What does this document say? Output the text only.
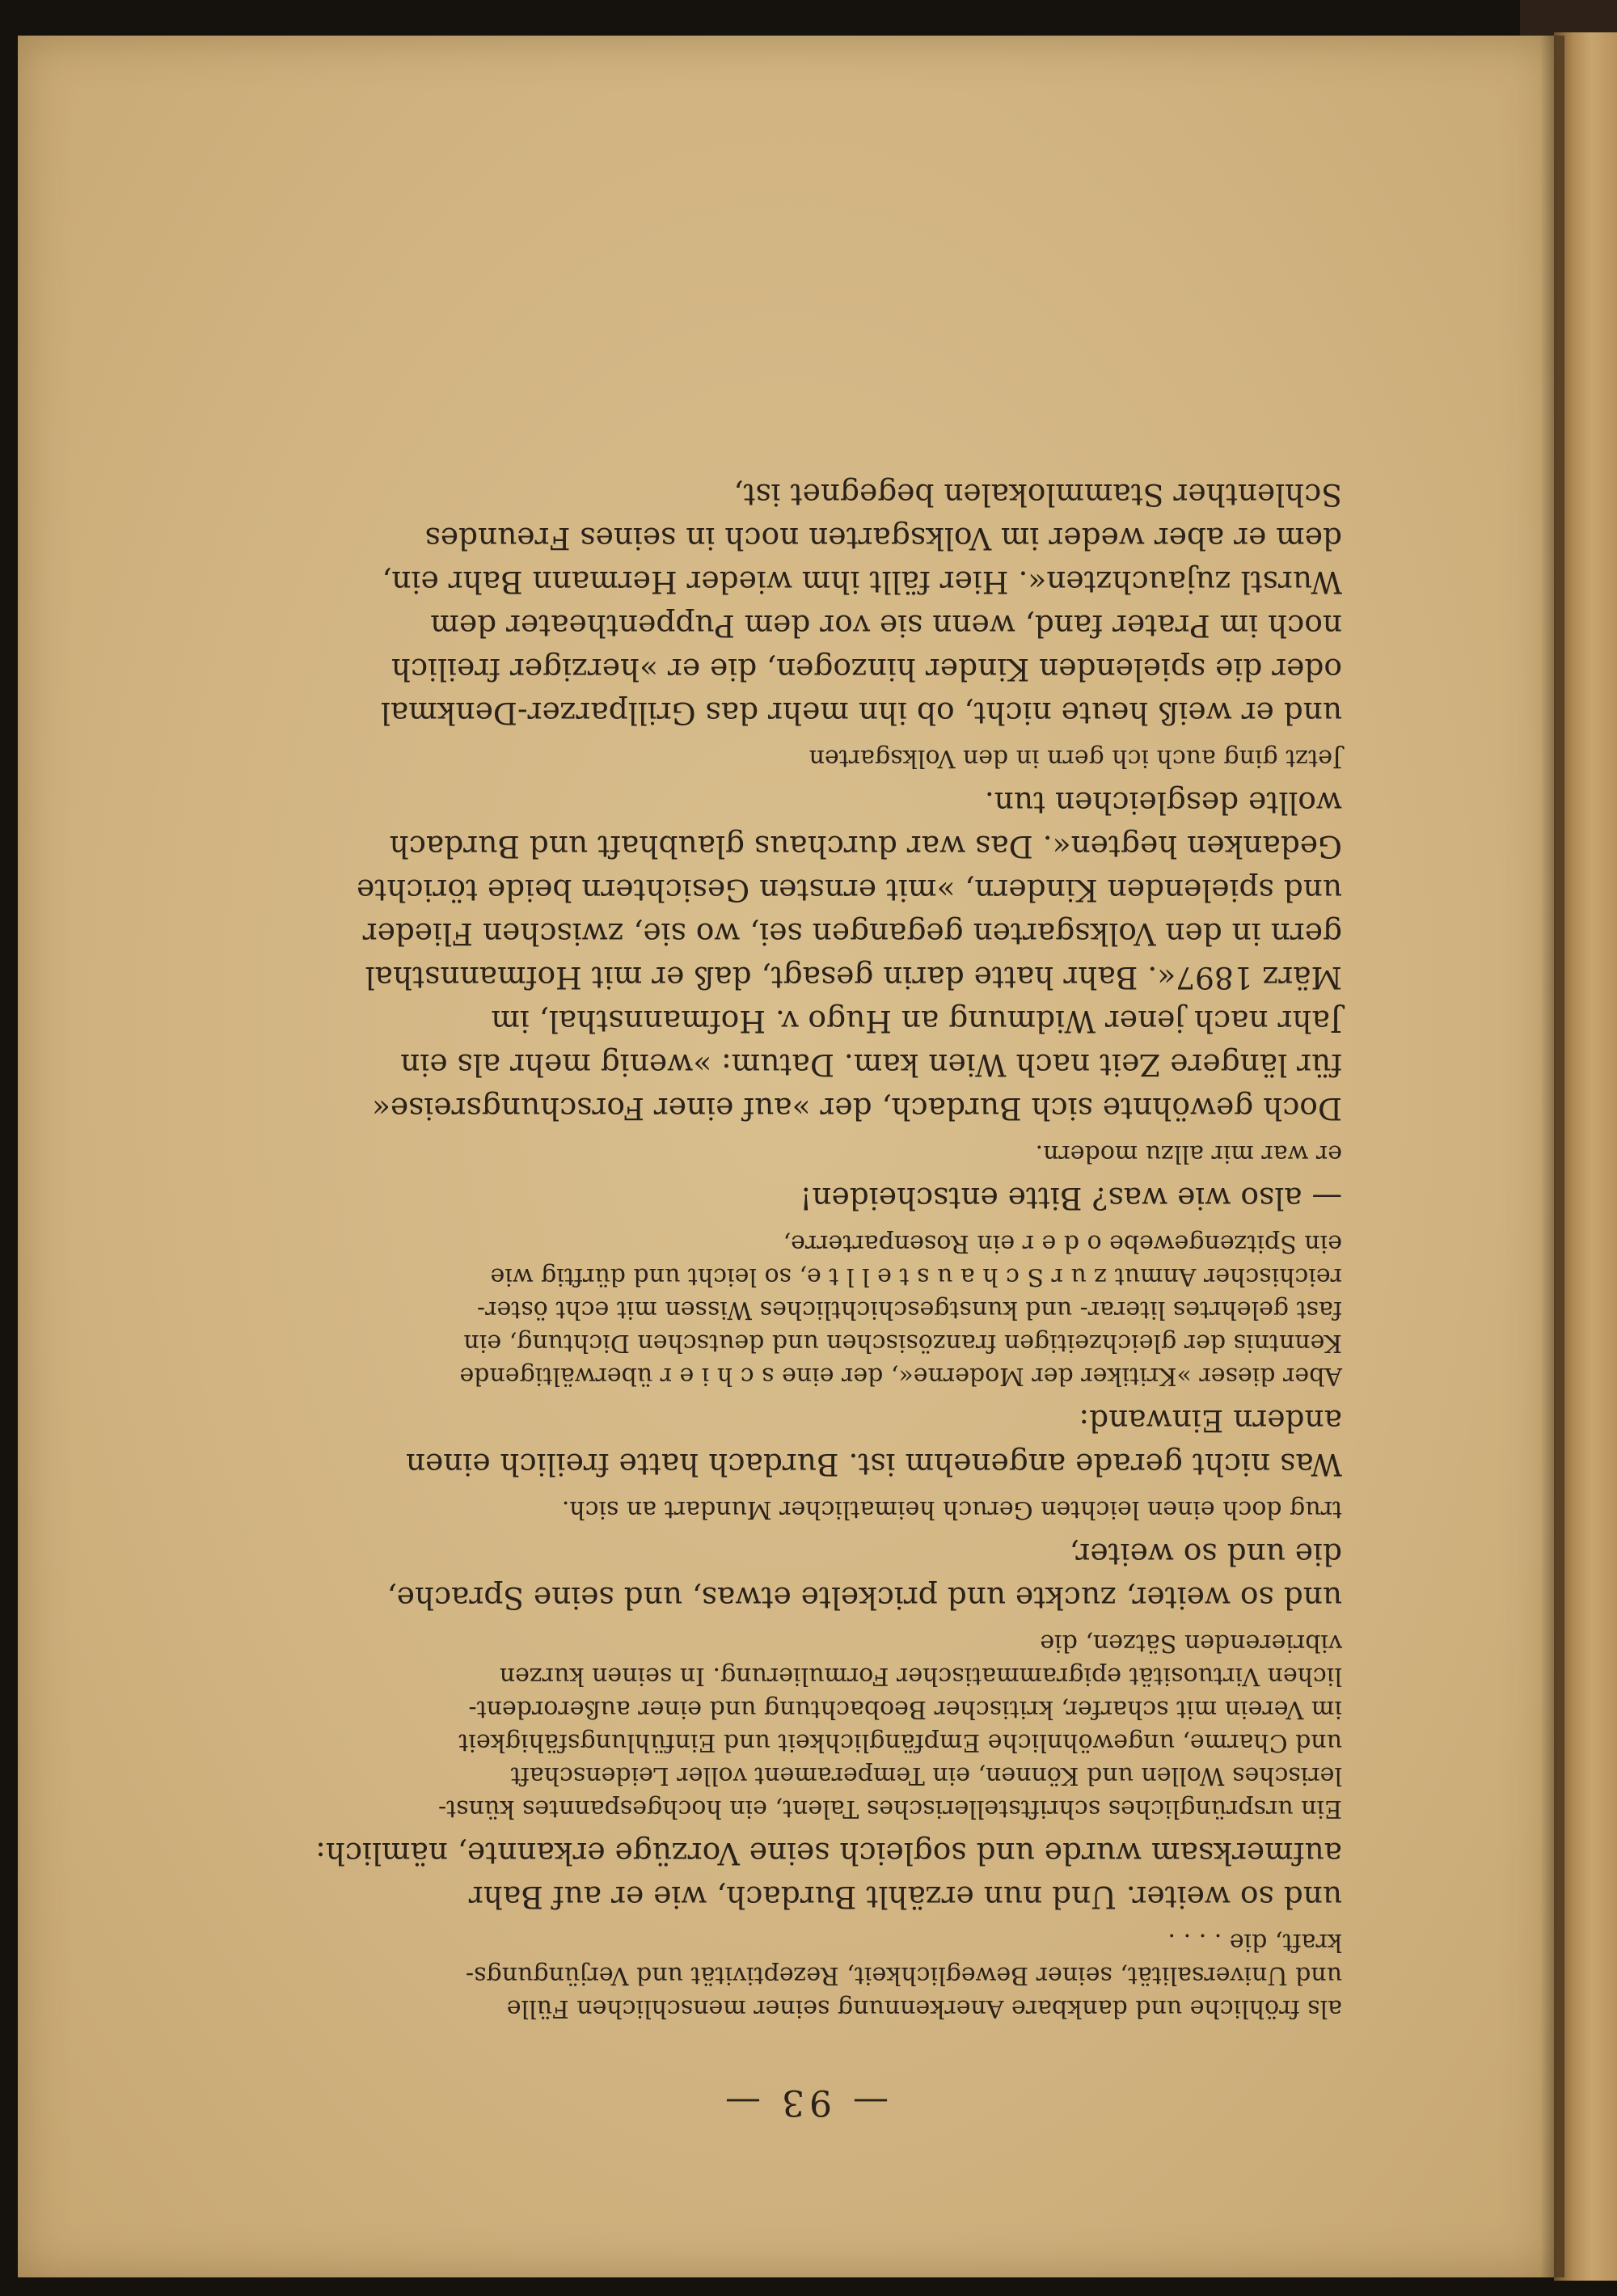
— 93 —
als fröhliche und dankbare Anerkennung seiner menschlichen Fülle
und Universalität, seiner Beweglichkeit, Rezeptivität und Verjüngungs-
kraft, die . . . .
und so weiter. Und nun erzählt Burdach, wie er auf Bahr
aufmerksam wurde und sogleich seine Vorzüge erkannte, nämlich:
Ein ursprüngliches schriftstellerisches Talent, ein hochgespanntes künst-
lerisches Wollen und Können, ein Temperament voller Leidenschaft
und Charme, ungewöhnliche Empfänglichkeit und Einfühlungsfähigkeit
im Verein mit scharfer, kritischer Beobachtung und einer außerordent-
lichen Virtuosität epigrammatischer Formulierung. In seinen kurzen
vibrierenden Sätzen, die
und so weiter, zuckte und prickelte etwas, und seine Sprache,
die und so weiter,
trug doch einen leichten Geruch heimatlicher Mundart an sich.
Was nicht gerade angenehm ist. Burdach hatte freilich einen
andern Einwand:
Aber dieser »Kritiker der Moderne«, der eine s c h i e r überwältigende
Kenntnis der gleichzeitigen französischen und deutschen Dichtung, ein
fast gelehrtes literar- und kunstgeschichtliches Wissen mit echt öster-
reichischer Anmut z u r S c h a u s t e l l t e, so leicht und dürftig wie
ein Spitzengewebe o d e r ein Rosenparterre,
— also wie was? Bitte entscheiden!
er war mir allzu modern.
Doch gewöhnte sich Burdach, der »auf einer Forschungsreise«
für längere Zeit nach Wien kam. Datum: »wenig mehr als ein
Jahr nach jener Widmung an Hugo v. Hofmannsthal, im
März 1897«. Bahr hatte darin gesagt, daß er mit Hofmannsthal
gern in den Volksgarten gegangen sei, wo sie, zwischen Flieder
und spielenden Kindern, »mit ernsten Gesichtern beide törichte
Gedanken hegten«. Das war durchaus glaubhaft und Burdach
wollte desgleichen tun.
Jetzt ging auch ich gern in den Volksgarten
und er weiß heute nicht, ob ihn mehr das Grillparzer-Denkmal
oder die spielenden Kinder hinzogen, die er »herziger freilich
noch im Prater fand, wenn sie vor dem Puppentheater dem
Wurstl zujauchzten«. Hier fällt ihm wieder Hermann Bahr ein,
dem er aber weder im Volksgarten noch in seines Freundes
Schlenther Stammlokalen begegnet ist,
